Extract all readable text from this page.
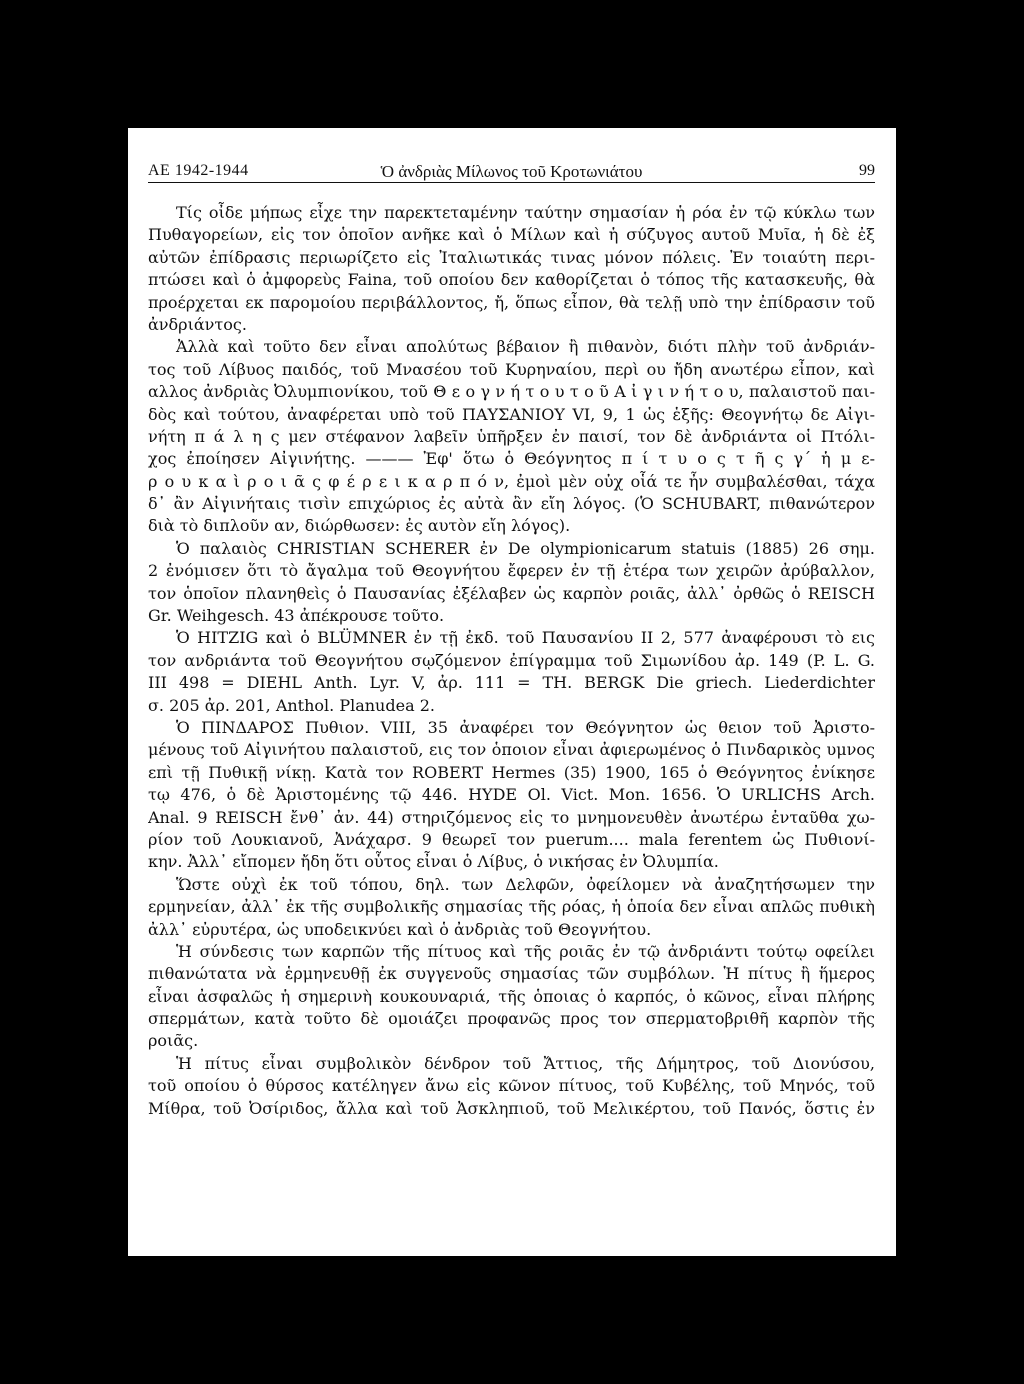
ΑΕ 1942-1944	Ὁ ἀνδριὰς Μίλωνος τοῦ Κροτωνιάτου	99
Τίς οἶδε μήπως εἶχε την παρεκτεταμένην ταύτην σημασίαν ἡ ρόα ἐν τῷ κύκλω των
Πυθαγορείων, εἰς τον ὁποῖον ανῆκε καὶ ὁ Μίλων καὶ ἡ σύζυγος αυτοῦ Μυῖα, ἡ δὲ ἐξ
αὐτῶν ἐπίδρασις περιωρίζετο εἰς Ἰταλιωτικάς τινας μόνον πόλεις. Ἐν τοιαύτη περι-
πτώσει καὶ ὁ ἀμφορεὺς Faina, τοῦ οποίου δεν καθορίζεται ὁ τόπος τῆς κατασκευῆς, θὰ
προέρχεται εκ παρομοίου περιβάλλοντος, ἤ, ὅπως εἶπον, θὰ τελῇ υπὸ την ἐπίδρασιν τοῦ
ἀνδριάντος.
Ἀλλὰ καὶ τοῦτο δεν εἶναι απολύτως βέβαιον ἢ πιθανὸν, διότι πλὴν τοῦ ἀνδριάν-
τος τοῦ Λίβυος παιδός, τοῦ Μνασέου τοῦ Κυρηναίου, περὶ ου ἤδη ανωτέρω εἶπον, καὶ
αλλος ἀνδριὰς Ὀλυμπιονίκου, τοῦ Θ ε ο γ ν ή τ ο υ τ ο ῦ Α ἰ γ ι ν ή τ ο υ, παλαιστοῦ παι-
δὸς καὶ τούτου, ἀναφέρεται υπὸ τοῦ ΠΑΥΣΑΝΙΟΥ VI, 9, 1 ὡς ἑξῆς: Θεογνήτῳ δε Αἰγι-
νήτη π ά λ η ς μεν στέφανον λαβεῖν ὑπῆρξεν ἐν παισί, τον δὲ ἀνδριάντα οἱ Πτόλι-
χος ἐποίησεν Αἰγινήτης. ——— Ἐφ' ὅτω ὁ Θεόγνητος π ί τ υ ο ς τ ῆ ς γ΄ ἡ μ ε-
ρ ο υ κ α ὶ ρ ο ι ᾶ ς φ έ ρ ε ι κ α ρ π ό ν, ἐμοὶ μὲν οὐχ οἷά τε ἦν συμβαλέσθαι, τάχα
δ᾽ ἂν Αἰγινήταις τισὶν επιχώριος ἐς αὐτὰ ἂν εἴη λόγος. (Ὁ SCHUBART, πιθανώτερον
διὰ τὸ διπλοῦν αν, διώρθωσεν: ἐς αυτὸν εἴη λόγος).
Ὁ παλαιὸς CHRISTIAN SCHERER ἐν De olympionicarum statuis (1885) 26 σημ.
2 ἐνόμισεν ὅτι τὸ ἄγαλμα τοῦ Θεογνήτου ἔφερεν ἐν τῇ ἑτέρα των χειρῶν ἀρύβαλλον,
τον ὁποῖον πλανηθεὶς ὁ Παυσανίας ἐξέλαβεν ὡς καρπὸν ροιᾶς, ἀλλ᾽ ὀρθῶς ὁ REISCH
Gr. Weihgesch. 43 ἀπέκρουσε τοῦτο.
Ὁ HITZIG καὶ ὁ BLÜMNER ἐν τῇ ἐκδ. τοῦ Παυσανίου ΙΙ 2, 577 ἀναφέρουσι τὸ εις
τον ανδριάντα τοῦ Θεογνήτου σῳζόμενον ἐπίγραμμα τοῦ Σιμωνίδου ἀρ. 149 (P. L. G.
III 498 = DIEHL Anth. Lyr. V, ἀρ. 111 = TH. BERGK Die griech. Liederdichter
σ. 205 ἀρ. 201, Anthol. Planudea 2.
Ὁ ΠΙΝΔΑΡΟΣ Πυθιον. VIII, 35 ἀναφέρει τον Θεόγνητον ὡς θειον τοῦ Ἀριστο-
μένους τοῦ Αἰγινήτου παλαιστοῦ, εις τον ὁποιον εἶναι ἀφιερωμένος ὁ Πινδαρικὸς υμνος
επὶ τῇ Πυθικῇ νίκῃ. Κατὰ τον ROBERT Hermes (35) 1900, 165 ὁ Θεόγνητος ἐνίκησε
τῳ 476, ὁ δὲ Ἀριστομένης τῷ 446. HYDE Ol. Vict. Mon. 1656. Ὁ URLICHS Arch.
Anal. 9 REISCH ἔνθ᾽ ἀν. 44) στηριζόμενος εἰς το μνημονευθὲν ἀνωτέρω ἐνταῦθα χω-
ρίον τοῦ Λουκιανοῦ, Ἀνάχαρσ. 9 θεωρεῖ τον puerum.... mala ferentem ὡς Πυθιονί-
κην. Ἀλλ᾽ εἴπομεν ἤδη ὅτι οὗτος εἶναι ὁ Λίβυς, ὁ νικήσας ἐν Ὀλυμπία.
Ὥστε οὐχὶ ἐκ τοῦ τόπου, δηλ. των Δελφῶν, ὀφείλομεν νὰ ἀναζητήσωμεν την
ερμηνείαν, ἀλλ᾽ ἐκ τῆς συμβολικῆς σημασίας τῆς ρόας, ἡ ὁποία δεν εἶναι απλῶς πυθικὴ
ἀλλ᾽ εὐρυτέρα, ὡς υποδεικνύει καὶ ὁ ἀνδριὰς τοῦ Θεογνήτου.
Ἡ σύνδεσις των καρπῶν τῆς πίτυος καὶ τῆς ροιᾶς ἐν τῷ ἀνδριάντι τούτῳ οφείλει
πιθανώτατα νὰ ἑρμηνευθῇ ἐκ συγγενοῦς σημασίας τῶν συμβόλων. Ἡ πίτυς ἢ ἥμερος
εἶναι ἀσφαλῶς ἡ σημερινὴ κουκουναριά, τῆς ὁποιας ὁ καρπός, ὁ κῶνος, εἶναι πλήρης
σπερμάτων, κατὰ τοῦτο δὲ ομοιάζει προφανῶς προς τον σπερματοβριθῆ καρπὸν τῆς
ροιᾶς.
Ἡ πίτυς εἶναι συμβολικὸν δένδρον τοῦ Ἄττιος, τῆς Δήμητρος, τοῦ Διονύσου,
τοῦ οποίου ὁ θύρσος κατέληγεν ἄνω εἰς κῶνον πίτυος, τοῦ Κυβέλης, τοῦ Μηνός, τοῦ
Μίθρα, τοῦ Ὀσίριδος, ἄλλα καὶ τοῦ Ἀσκληπιοῦ, τοῦ Μελικέρτου, τοῦ Πανός, ὅστις ἐν
